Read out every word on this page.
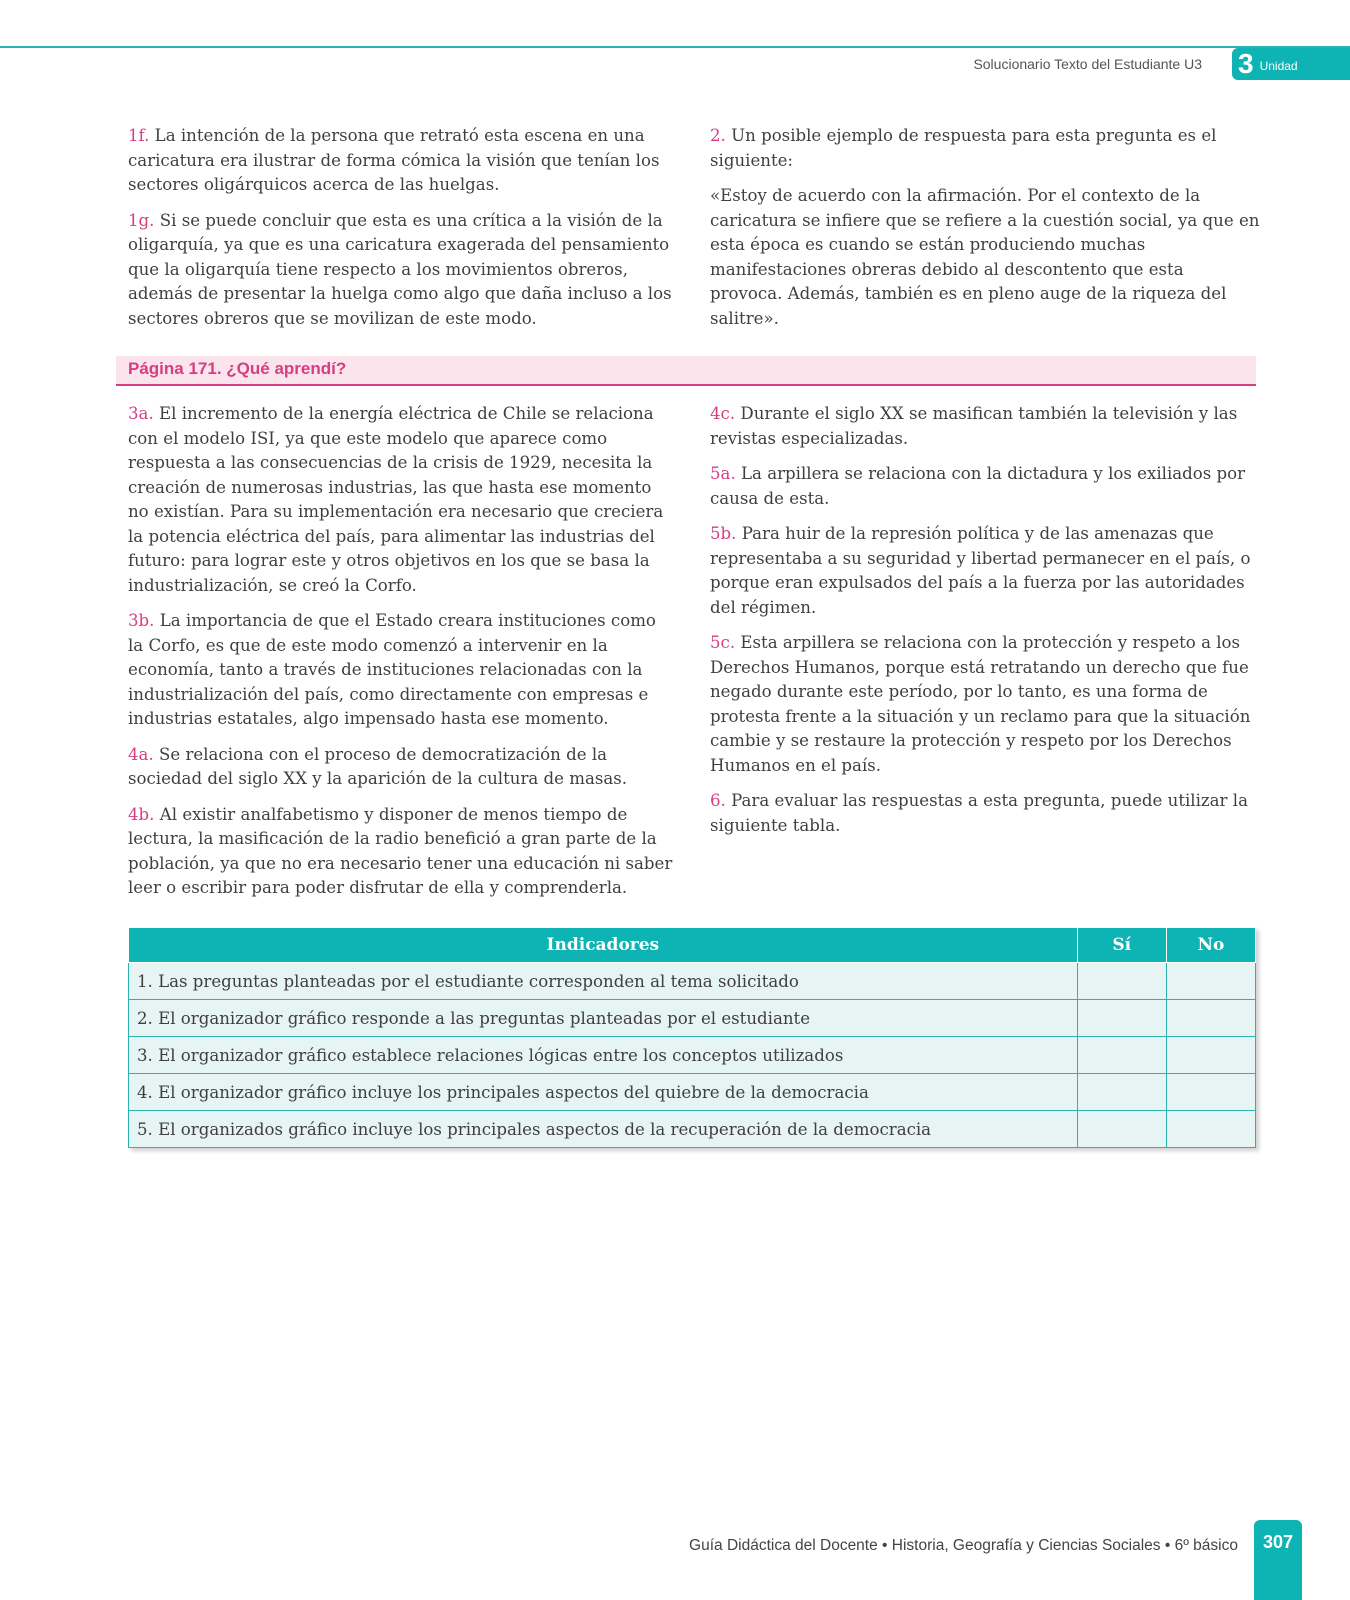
Solucionario Texto del Estudiante U3 3 Unidad

1f. La intención de la persona que retrató esta escena en una caricatura era ilustrar de forma cómica la visión que tenían los sectores oligárquicos acerca de las huelgas.

1g. Si se puede concluir que esta es una crítica a la visión de la oligarquía, ya que es una caricatura exagerada del pensamiento que la oligarquía tiene respecto a los movimientos obreros, además de presentar la huelga como algo que daña incluso a los sectores obreros que se movilizan de este modo.

2. Un posible ejemplo de respuesta para esta pregunta es el siguiente:

«Estoy de acuerdo con la afirmación. Por el contexto de la caricatura se infiere que se refiere a la cuestión social, ya que en esta época es cuando se están produciendo muchas manifestaciones obreras debido al descontento que esta provoca. Además, también es en pleno auge de la riqueza del salitre».

Página 171. ¿Qué aprendí?

3a. El incremento de la energía eléctrica de Chile se relaciona con el modelo ISI, ya que este modelo que aparece como respuesta a las consecuencias de la crisis de 1929, necesita la creación de numerosas industrias, las que hasta ese momento no existían. Para su implementación era necesario que creciera la potencia eléctrica del país, para alimentar las industrias del futuro: para lograr este y otros objetivos en los que se basa la industrialización, se creó la Corfo.

3b. La importancia de que el Estado creara instituciones como la Corfo, es que de este modo comenzó a intervenir en la economía, tanto a través de instituciones relacionadas con la industrialización del país, como directamente con empresas e industrias estatales, algo impensado hasta ese momento.

4a. Se relaciona con el proceso de democratización de la sociedad del siglo XX y la aparición de la cultura de masas.

4b. Al existir analfabetismo y disponer de menos tiempo de lectura, la masificación de la radio benefició a gran parte de la población, ya que no era necesario tener una educación ni saber leer o escribir para poder disfrutar de ella y comprenderla.

4c. Durante el siglo XX se masifican también la televisión y las revistas especializadas.

5a. La arpillera se relaciona con la dictadura y los exiliados por causa de esta.

5b. Para huir de la represión política y de las amenazas que representaba a su seguridad y libertad permanecer en el país, o porque eran expulsados del país a la fuerza por las autoridades del régimen.

5c. Esta arpillera se relaciona con la protección y respeto a los Derechos Humanos, porque está retratando un derecho que fue negado durante este período, por lo tanto, es una forma de protesta frente a la situación y un reclamo para que la situación cambie y se restaure la protección y respeto por los Derechos Humanos en el país.

6. Para evaluar las respuestas a esta pregunta, puede utilizar la siguiente tabla.

Indicadores	Sí	No
1. Las preguntas planteadas por el estudiante corresponden al tema solicitado		
2. El organizador gráfico responde a las preguntas planteadas por el estudiante		
3. El organizador gráfico establece relaciones lógicas entre los conceptos utilizados		
4. El organizador gráfico incluye los principales aspectos del quiebre de la democracia		
5. El organizados gráfico incluye los principales aspectos de la recuperación de la democracia		
Guía Didáctica del Docente • Historia, Geografía y Ciencias Sociales • 6º básico	307
